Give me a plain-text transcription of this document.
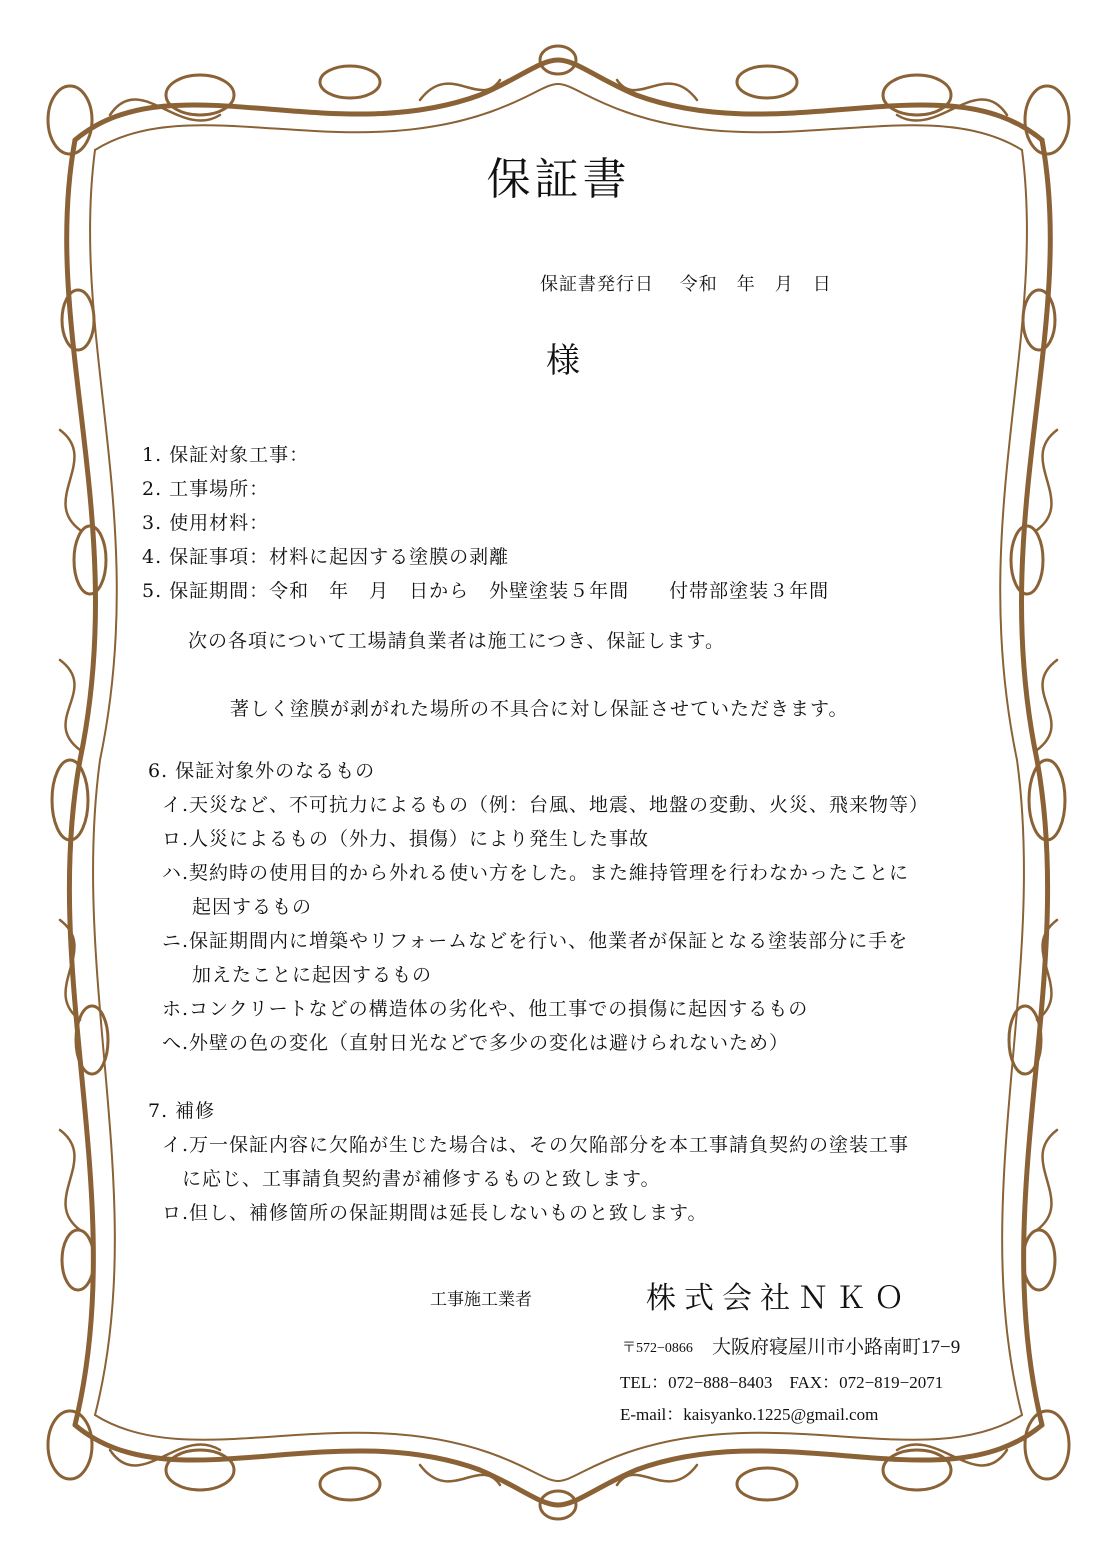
保証書
保証書発行日　 令和　年　月　日
様
1. 保証対象工事：
2. 工事場所：
3. 使用材料：
4. 保証事項：材料に起因する塗膜の剥離
5. 保証期間：令和　年　月　日から　外壁塗装５年間　　付帯部塗装３年間
次の各項について工場請負業者は施工につき、保証します。
著しく塗膜が剥がれた場所の不具合に対し保証させていただきます。
6. 保証対象外のなるもの
イ.天災など、不可抗力によるもの（例：台風、地震、地盤の変動、火災、飛来物等）
ロ.人災によるもの（外力、損傷）により発生した事故
ハ.契約時の使用目的から外れる使い方をした。また維持管理を行わなかったことに
起因するもの
ニ.保証期間内に増築やリフォームなどを行い、他業者が保証となる塗装部分に手を
加えたことに起因するもの
ホ.コンクリートなどの構造体の劣化や、他工事での損傷に起因するもの
へ.外壁の色の変化（直射日光などで多少の変化は避けられないため）
7. 補修
イ.万一保証内容に欠陥が生じた場合は、その欠陥部分を本工事請負契約の塗装工事
に応じ、工事請負契約書が補修するものと致します。
ロ.但し、補修箇所の保証期間は延長しないものと致します。
工事施工業者	株式会社ＮＫＯ
〒572−0866 大阪府寝屋川市小路南町17−9
TEL：072−888−8403　FAX：072−819−2071
E-mail：kaisyanko.1225@gmail.com
